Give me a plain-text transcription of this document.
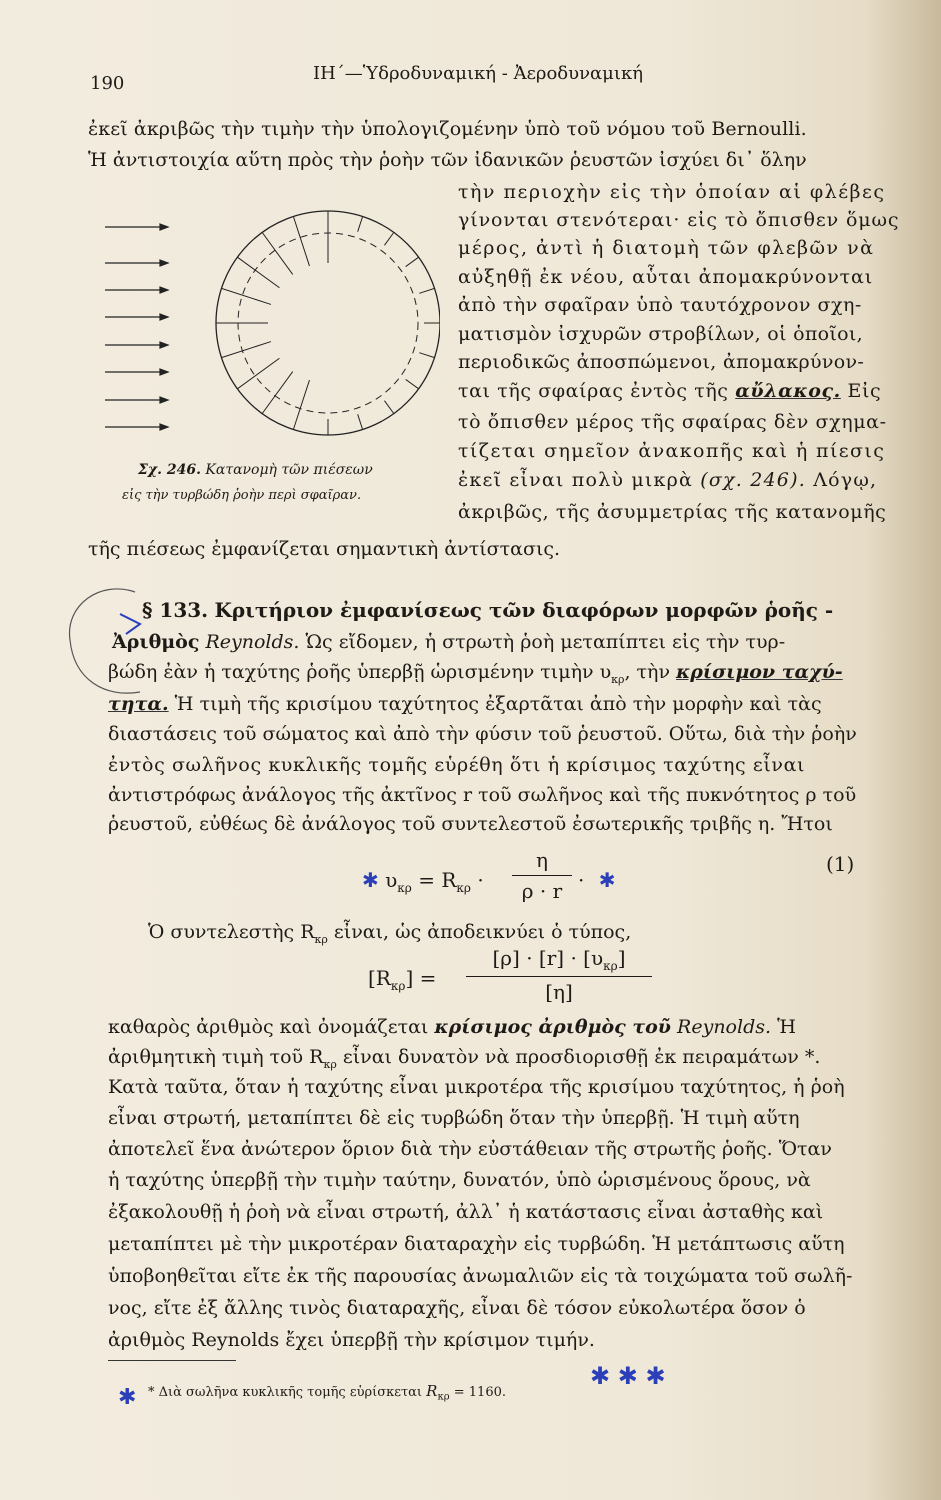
190	ΙΗ΄—Ὑδροδυναμική - Ἀεροδυναμική
ἐκεῖ ἀκριβῶς τὴν τιμὴν τὴν ὑπολογιζομένην ὑπὸ τοῦ νόμου τοῦ Bernoulli.
Ἡ ἀντιστοιχία αὕτη πρὸς τὴν ῥοὴν τῶν ἰδανικῶν ῥευστῶν ἰσχύει δι᾽ ὅλην
τὴν περιοχὴν εἰς τὴν ὁποίαν αἱ φλέβες
γίνονται στενότεραι· εἰς τὸ ὄπισθεν ὅμως
μέρος, ἀντὶ ἡ διατομὴ τῶν φλεβῶν νὰ
αὐξηθῇ ἐκ νέου, αὗται ἀπομακρύνονται
ἀπὸ τὴν σφαῖραν ὑπὸ ταυτόχρονον σχη-
ματισμὸν ἰσχυρῶν στροβίλων, οἱ ὁποῖοι,
περιοδικῶς ἀποσπώμενοι, ἀπομακρύνον-
ται τῆς σφαίρας ἐντὸς τῆς αὔλακος. Εἰς
τὸ ὄπισθεν μέρος τῆς σφαίρας δὲν σχημα-
τίζεται σημεῖον ἀνακοπῆς καὶ ἡ πίεσις
ἐκεῖ εἶναι πολὺ μικρὰ (σχ. 246). Λόγῳ,
ἀκριβῶς, τῆς ἀσυμμετρίας τῆς κατανομῆς
τῆς πιέσεως ἐμφανίζεται σημαντικὴ ἀντίστασις.
Σχ. 246. Κατανομὴ τῶν πιέσεων
εἰς τὴν τυρβώδη ῥοὴν περὶ σφαῖραν.
§ 133. Κριτήριον ἐμφανίσεως τῶν διαφόρων μορφῶν ῥοῆς -
Ἀριθμὸς Reynolds. Ὡς εἴδομεν, ἡ στρωτὴ ῥοὴ μεταπίπτει εἰς τὴν τυρ-
βώδη ἐὰν ἡ ταχύτης ῥοῆς ὑπερβῇ ὡρισμένην τιμὴν $\upsilon_{\kappa\rho}$, τὴν κρίσιμον ταχύ-
τητα. Ἡ τιμὴ τῆς κρισίμου ταχύτητος ἐξαρτᾶται ἀπὸ τὴν μορφὴν καὶ τὰς
διαστάσεις τοῦ σώματος καὶ ἀπὸ τὴν φύσιν τοῦ ῥευστοῦ. Οὕτω, διὰ τὴν ῥοὴν
ἐντὸς σωλῆνος κυκλικῆς τομῆς εὑρέθη ὅτι ἡ κρίσιμος ταχύτης εἶναι
ἀντιστρόφως ἀνάλογος τῆς ἀκτῖνος r τοῦ σωλῆνος καὶ τῆς πυκνότητος ρ τοῦ
ῥευστοῦ, εὐθέως δὲ ἀνάλογος τοῦ συντελεστοῦ ἐσωτερικῆς τριβῆς η. Ἤτοι
✱ $\upsilon_{\kappa\rho} = R_{\kappa\rho}$ ·
η
ρ · r · ✱
(1)
Ὁ συντελεστὴς $R_{\kappa\rho}$ εἶναι, ὡς ἀποδεικνύει ὁ τύπος,
$[R_{\kappa\rho}]$ =
$[\rho] \cdot [r] \cdot [\upsilon_{\kappa\rho}]$
[η]
καθαρὸς ἀριθμὸς καὶ ὀνομάζεται κρίσιμος ἀριθμὸς τοῦ Reynolds. Ἡ
ἀριθμητικὴ τιμὴ τοῦ $R_{\kappa\rho}$ εἶναι δυνατὸν νὰ προσδιορισθῇ ἐκ πειραμάτων *.
Κατὰ ταῦτα, ὅταν ἡ ταχύτης εἶναι μικροτέρα τῆς κρισίμου ταχύτητος, ἡ ῥοὴ
εἶναι στρωτή, μεταπίπτει δὲ εἰς τυρβώδη ὅταν τὴν ὑπερβῇ. Ἡ τιμὴ αὕτη
ἀποτελεῖ ἕνα ἀνώτερον ὅριον διὰ τὴν εὐστάθειαν τῆς στρωτῆς ῥοῆς. Ὅταν
ἡ ταχύτης ὑπερβῇ τὴν τιμὴν ταύτην, δυνατόν, ὑπὸ ὡρισμένους ὅρους, νὰ
ἐξακολουθῇ ἡ ῥοὴ νὰ εἶναι στρωτή, ἀλλ᾽ ἡ κατάστασις εἶναι ἀσταθὴς καὶ
μεταπίπτει μὲ τὴν μικροτέραν διαταραχὴν εἰς τυρβώδη. Ἡ μετάπτωσις αὕτη
ὑποβοηθεῖται εἴτε ἐκ τῆς παρουσίας ἀνωμαλιῶν εἰς τὰ τοιχώματα τοῦ σωλῆ-
νος, εἴτε ἐξ ἄλλης τινὸς διαταραχῆς, εἶναι δὲ τόσον εὐκολωτέρα ὅσον ὁ
ἀριθμὸς Reynolds ἔχει ὑπερβῇ τὴν κρίσιμον τιμήν.
* Διὰ σωλῆνα κυκλικῆς τομῆς εὑρίσκεται $R_{\kappa\rho} = 1160$.
✱ ✱ ✱
✱
